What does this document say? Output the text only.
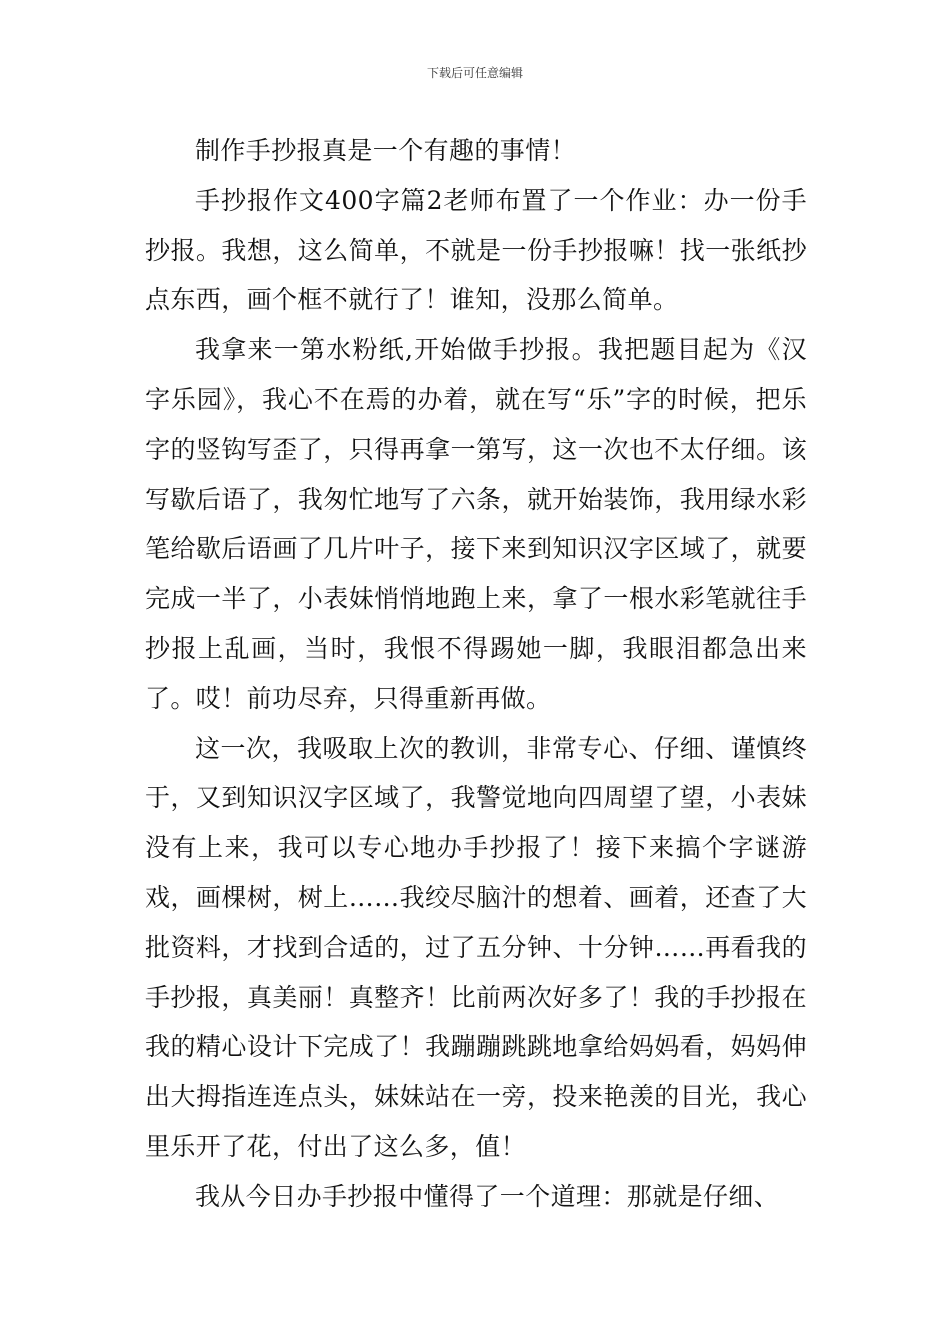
下载后可任意编辑

制作手抄报真是一个有趣的事情！

手抄报作文400字篇2老师布置了一个作业：办一份手抄报。我想，这么简单，不就是一份手抄报嘛！找一张纸抄点东西，画个框不就行了！谁知，没那么简单。

我拿来一第水粉纸,开始做手抄报。我把题目起为《汉字乐园》，我心不在焉的办着，就在写“乐”字的时候，把乐字的竖钩写歪了，只得再拿一第写，这一次也不太仔细。该写歇后语了，我匆忙地写了六条，就开始装饰，我用绿水彩笔给歇后语画了几片叶子，接下来到知识汉字区域了，就要完成一半了，小表妹悄悄地跑上来，拿了一根水彩笔就往手抄报上乱画，当时，我恨不得踢她一脚，我眼泪都急出来了。哎！前功尽弃，只得重新再做。

这一次，我吸取上次的教训，非常专心、仔细、谨慎终于，又到知识汉字区域了，我警觉地向四周望了望，小表妹没有上来，我可以专心地办手抄报了！接下来搞个字谜游戏，画棵树，树上……我绞尽脑汁的想着、画着，还查了大批资料，才找到合适的，过了五分钟、十分钟……再看我的手抄报，真美丽！真整齐！比前两次好多了！我的手抄报在我的精心设计下完成了！我蹦蹦跳跳地拿给妈妈看，妈妈伸出大拇指连连点头，妹妹站在一旁，投来艳羡的目光，我心里乐开了花，付出了这么多，值！

我从今日办手抄报中懂得了一个道理：那就是仔细、
